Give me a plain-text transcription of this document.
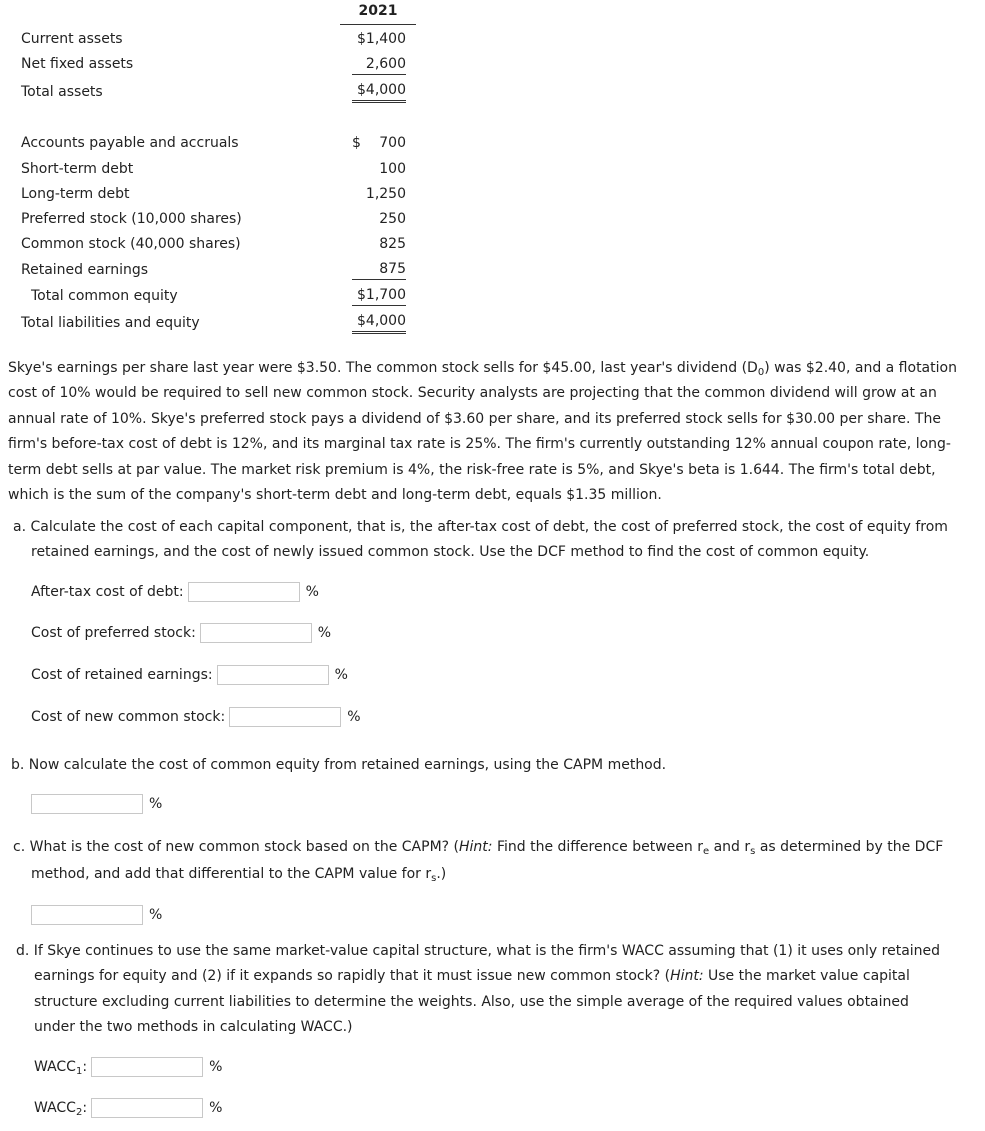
2021
Current assets	$1,400
Net fixed assets	2,600
Total assets	$4,000
Accounts payable and accruals	$ 700
Short-term debt	100
Long-term debt	1,250
Preferred stock (10,000 shares)	250
Common stock (40,000 shares)	825
Retained earnings	875
Total common equity	$1,700
Total liabilities and equity	$4,000

Skye's earnings per share last year were $3.50. The common stock sells for $45.00, last year's dividend $(D_0)$ was $2.40, and a flotation cost of 10% would be required to sell new common stock. Security analysts are projecting that the common dividend will grow at an annual rate of 10%. Skye's preferred stock pays a dividend of $3.60 per share, and its preferred stock sells for $30.00 per share. The firm's before-tax cost of debt is 12%, and its marginal tax rate is 25%. The firm's currently outstanding 12% annual coupon rate, long-term debt sells at par value. The market risk premium is 4%, the risk-free rate is 5%, and Skye's beta is 1.644. The firm's total debt, which is the sum of the company's short-term debt and long-term debt, equals $1.35 million.

a. Calculate the cost of each capital component, that is, the after-tax cost of debt, the cost of preferred stock, the cost of equity from retained earnings, and the cost of newly issued common stock. Use the DCF method to find the cost of common equity.
After-tax cost of debt:	%
Cost of preferred stock:	%
Cost of retained earnings:	%
Cost of new common stock:	%
b. Now calculate the cost of common equity from retained earnings, using the CAPM method.
%
c. What is the cost of new common stock based on the CAPM? (Hint: Find the difference between $r_e$ and $r_s$ as determined by the DCF method, and add that differential to the CAPM value for $r_s$.)
%
d. If Skye continues to use the same market-value capital structure, what is the firm's WACC assuming that (1) it uses only retained earnings for equity and (2) if it expands so rapidly that it must issue new common stock? (Hint: Use the market value capital structure excluding current liabilities to determine the weights. Also, use the simple average of the required values obtained under the two methods in calculating WACC.)
$WACC_1$:	%
$WACC_2$:	%
